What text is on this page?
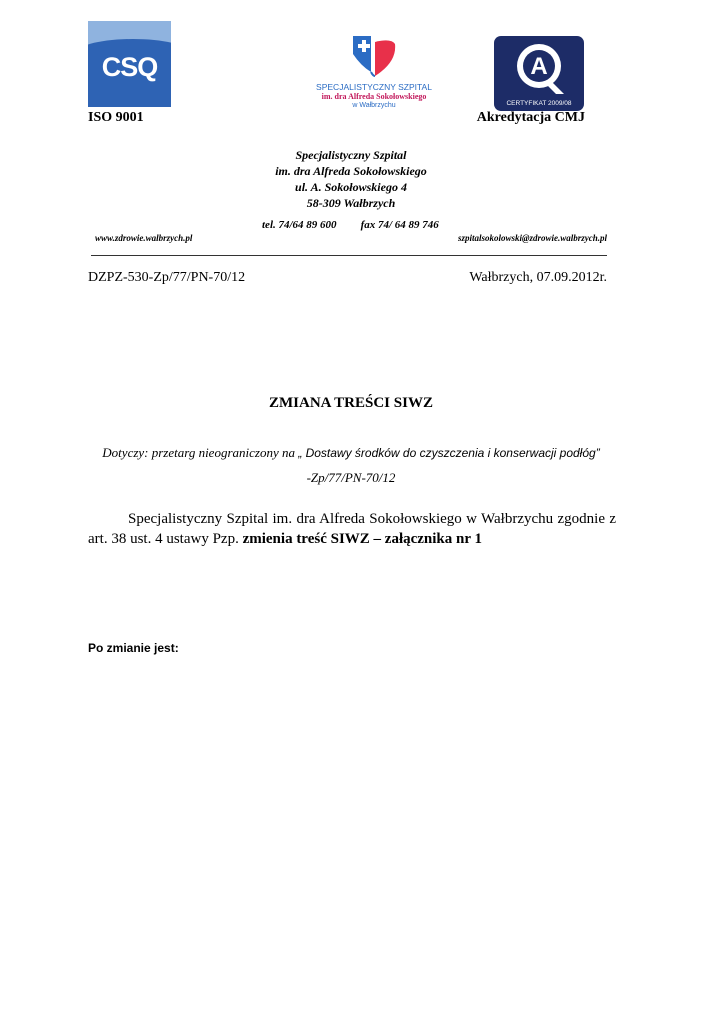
CSQ
ISO 9001
SPECJALISTYCZNY SZPITAL
im. dra Alfreda Sokołowskiego
w Wałbrzychu
A
CERTYFIKAT 2009/08
Akredytacja CMJ
Specjalistyczny Szpital
im. dra Alfreda Sokołowskiego
ul. A. Sokołowskiego 4
58-309 Wałbrzych
tel. 74/64 89 600 fax 74/ 64 89 746
www.zdrowie.walbrzych.pl	szpitalsokolowski@zdrowie.walbrzych.pl
DZPZ-530-Zp/77/PN-70/12	Wałbrzych, 07.09.2012r.
ZMIANA TREŚCI SIWZ
Dotyczy: przetarg nieograniczony na „ Dostawy środków do czyszczenia i konserwacji podłóg”
-Zp/77/PN-70/12
Specjalistyczny Szpital im. dra Alfreda Sokołowskiego w Wałbrzychu zgodnie z art. 38 ust. 4 ustawy Pzp. zmienia treść SIWZ – załącznika nr 1
Po zmianie jest:
